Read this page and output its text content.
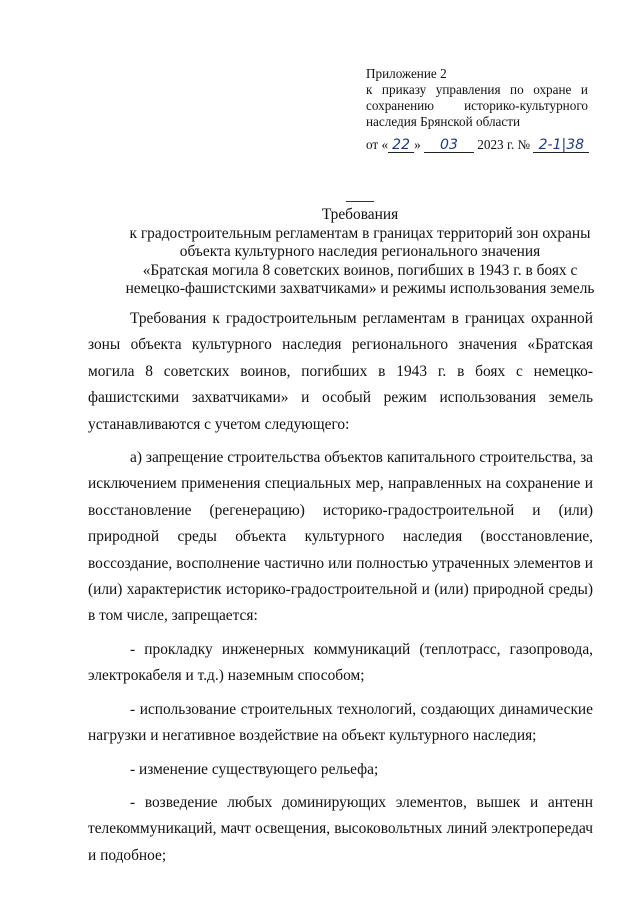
Приложение 2
к приказу управления по охране и
сохранению историко-культурного
наследия Брянской области
от « 22 » 03 2023 г. № 2-1|38
Требования
к градостроительным регламентам в границах территорий зон охраны
объекта культурного наследия регионального значения
«Братская могила 8 советских воинов, погибших в 1943 г. в боях с
немецко-фашистскими захватчиками» и режимы использования земель

Требования к градостроительным регламентам в границах охранной зоны объекта культурного наследия регионального значения «Братская могила 8 советских воинов, погибших в 1943 г. в боях с немецко-фашистскими захватчиками» и особый режим использования земель устанавливаются с учетом следующего:

а) запрещение строительства объектов капитального строительства, за исключением применения специальных мер, направленных на сохранение и восстановление (регенерацию) историко-градостроительной и (или) природной среды объекта культурного наследия (восстановление, воссоздание, восполнение частично или полностью утраченных элементов и (или) характеристик историко-градостроительной и (или) природной среды) в том числе, запрещается:

- прокладку инженерных коммуникаций (теплотрасс, газопровода, электрокабеля и т.д.) наземным способом;

- использование строительных технологий, создающих динамические нагрузки и негативное воздействие на объект культурного наследия;

- изменение существующего рельефа;

- возведение любых доминирующих элементов, вышек и антенн телекоммуникаций, мачт освещения, высоковольтных линий электропередач и подобное;
